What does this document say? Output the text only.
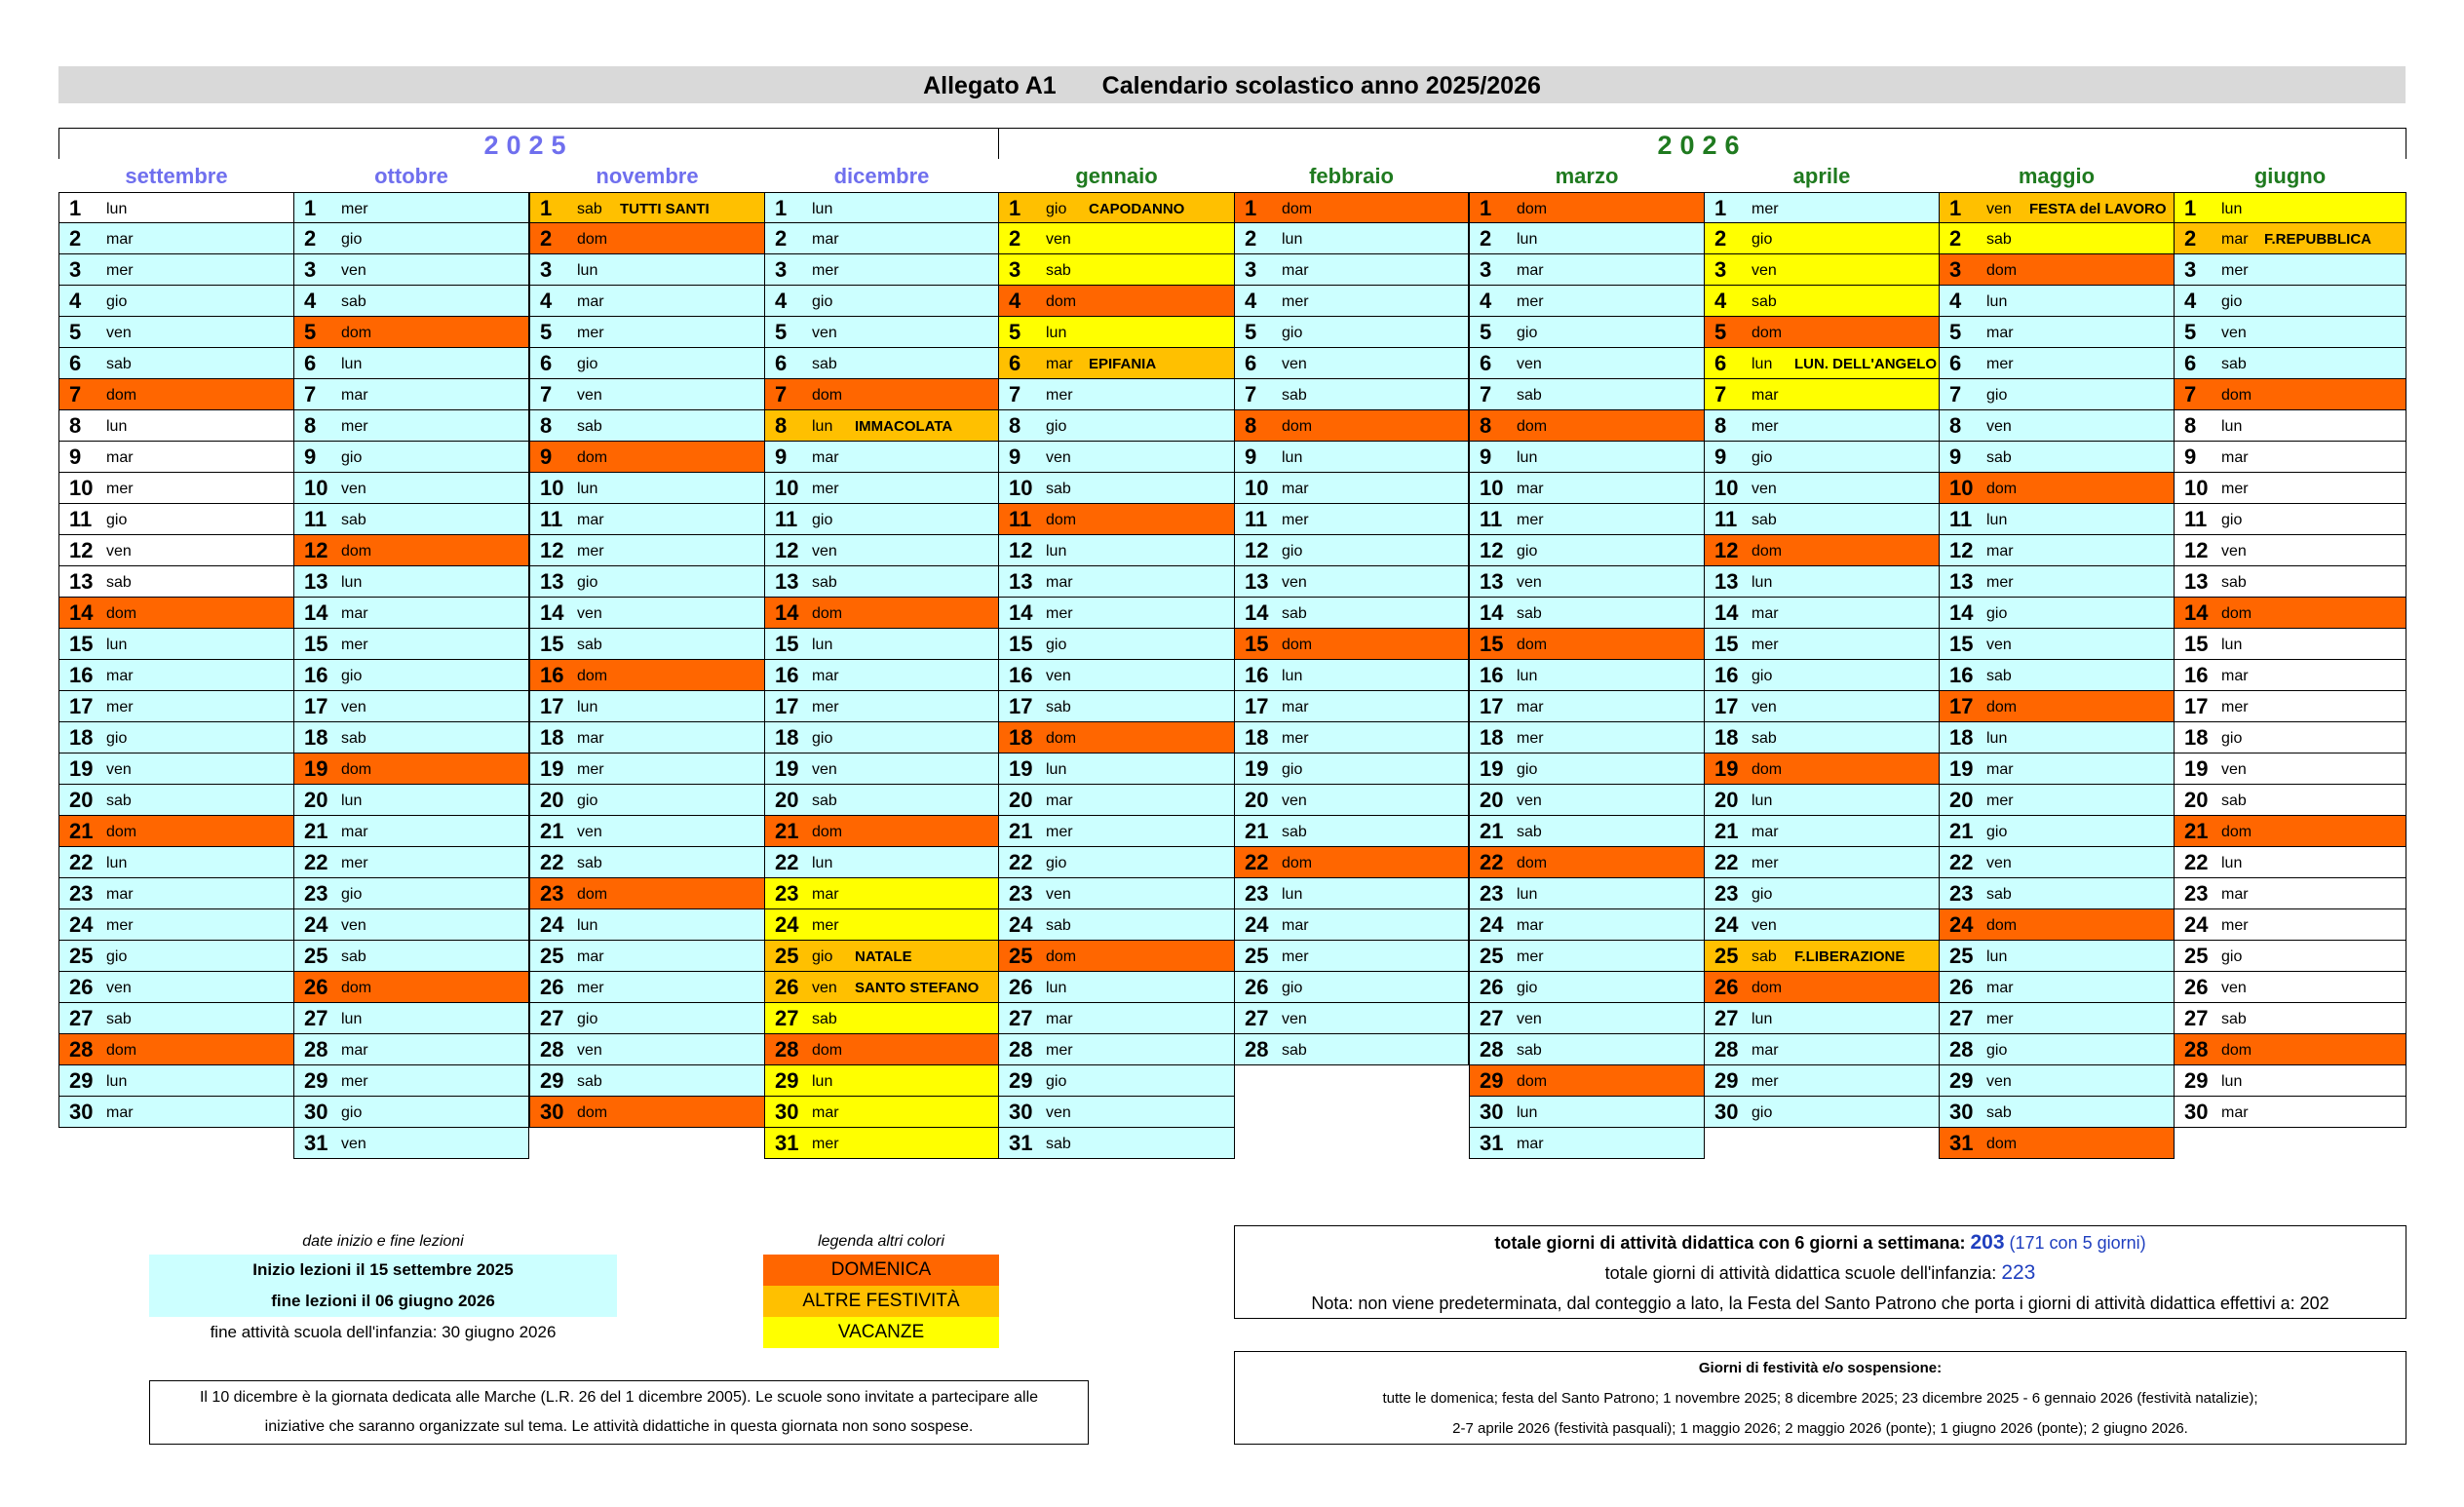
Allegato A1 Calendario scolastico anno 2025/2026
2025	2026
settembre
1	lun
2	mar
3	mer
4	gio
5	ven
6	sab
7	dom
8	lun
9	mar
10 mer
11 gio
12 ven
13 sab
14 dom
15 lun
16 mar
17 mer
18 gio
19 ven
20 sab
21 dom
22 lun
23 mar
24 mer
25 gio
26 ven
27 sab
28 dom
29 lun
30 mar
ottobre
1	mer
2	gio
3	ven
4	sab
5	dom
6	lun
7	mar
8	mer
9	gio
10 ven
11 sab
12 dom
13 lun
14 mar
15 mer
16 gio
17 ven
18 sab
19 dom
20 lun
21 mar
22 mer
23 gio
24 ven
25 sab
26 dom
27 lun
28 mar
29 mer
30 gio
31 ven
novembre
1	sab TUTTI SANTI
2	dom
3	lun
4	mar
5	mer
6	gio
7	ven
8	sab
9	dom
10 lun
11 mar
12 mer
13 gio
14 ven
15 sab
16 dom
17 lun
18 mar
19 mer
20 gio
21 ven
22 sab
23 dom
24 lun
25 mar
26 mer
27 gio
28 ven
29 sab
30 dom
dicembre
1	lun
2	mar
3	mer
4	gio
5	ven
6	sab
7	dom
8	lun IMMACOLATA
9	mar
10 mer
11 gio
12 ven
13 sab
14 dom
15 lun
16 mar
17 mer
18 gio
19 ven
20 sab
21 dom
22 lun
23 mar
24 mer
25 gio NATALE
26 ven SANTO STEFANO
27 sab
28 dom
29 lun
30 mar
31 mer
gennaio
1	gio CAPODANNO
2	ven
3	sab
4	dom
5	lun
6	mar EPIFANIA
7	mer
8	gio
9	ven
10 sab
11 dom
12 lun
13 mar
14 mer
15 gio
16 ven
17 sab
18 dom
19 lun
20 mar
21 mer
22 gio
23 ven
24 sab
25 dom
26 lun
27 mar
28 mer
29 gio
30 ven
31 sab
febbraio
1	dom
2	lun
3	mar
4	mer
5	gio
6	ven
7	sab
8	dom
9	lun
10 mar
11 mer
12 gio
13 ven
14 sab
15 dom
16 lun
17 mar
18 mer
19 gio
20 ven
21 sab
22 dom
23 lun
24 mar
25 mer
26 gio
27 ven
28 sab
marzo
1	dom
2	lun
3	mar
4	mer
5	gio
6	ven
7	sab
8	dom
9	lun
10 mar
11 mer
12 gio
13 ven
14 sab
15 dom
16 lun
17 mar
18 mer
19 gio
20 ven
21 sab
22 dom
23 lun
24 mar
25 mer
26 gio
27 ven
28 sab
29 dom
30 lun
31 mar
aprile
1	mer
2	gio
3	ven
4	sab
5	dom
6	lun LUN. DELL'ANGELO
7	mar
8	mer
9	gio
10 ven
11 sab
12 dom
13 lun
14 mar
15 mer
16 gio
17 ven
18 sab
19 dom
20 lun
21 mar
22 mer
23 gio
24 ven
25 sab F.LIBERAZIONE
26 dom
27 lun
28 mar
29 mer
30 gio
maggio
1	ven FESTA del LAVORO
2	sab
3	dom
4	lun
5	mar
6	mer
7	gio
8	ven
9	sab
10 dom
11 lun
12 mar
13 mer
14 gio
15 ven
16 sab
17 dom
18 lun
19 mar
20 mer
21 gio
22 ven
23 sab
24 dom
25 lun
26 mar
27 mer
28 gio
29 ven
30 sab
31 dom
giugno
1	lun
2	mar F.REPUBBLICA
3	mer
4	gio
5	ven
6	sab
7	dom
8	lun
9	mar
10 mer
11 gio
12 ven
13 sab
14 dom
15 lun
16 mar
17 mer
18 gio
19 ven
20 sab
21 dom
22 lun
23 mar
24 mer
25 gio
26 ven
27 sab
28 dom
29 lun
30 mar
date inizio e fine lezioni
Inizio lezioni il 15 settembre 2025
fine lezioni il 06 giugno 2026
fine attività scuola dell'infanzia: 30 giugno 2026
legenda altri colori
DOMENICA
ALTRE FESTIVITÀ
VACANZE
Il 10 dicembre è la giornata dedicata alle Marche (L.R. 26 del 1 dicembre 2005). Le scuole sono invitate a partecipare alle
iniziative che saranno organizzate sul tema. Le attività didattiche in questa giornata non sono sospese.
totale giorni di attività didattica con 6 giorni a settimana: 203 (171 con 5 giorni)
totale giorni di attività didattica scuole dell'infanzia: 223
Nota: non viene predeterminata, dal conteggio a lato, la Festa del Santo Patrono che porta i giorni di attività didattica effettivi a: 202
Giorni di festività e/o sospensione:
tutte le domenica; festa del Santo Patrono; 1 novembre 2025; 8 dicembre 2025; 23 dicembre 2025 - 6 gennaio 2026 (festività natalizie);
2-7 aprile 2026 (festività pasquali); 1 maggio 2026; 2 maggio 2026 (ponte); 1 giugno 2026 (ponte); 2 giugno 2026.
